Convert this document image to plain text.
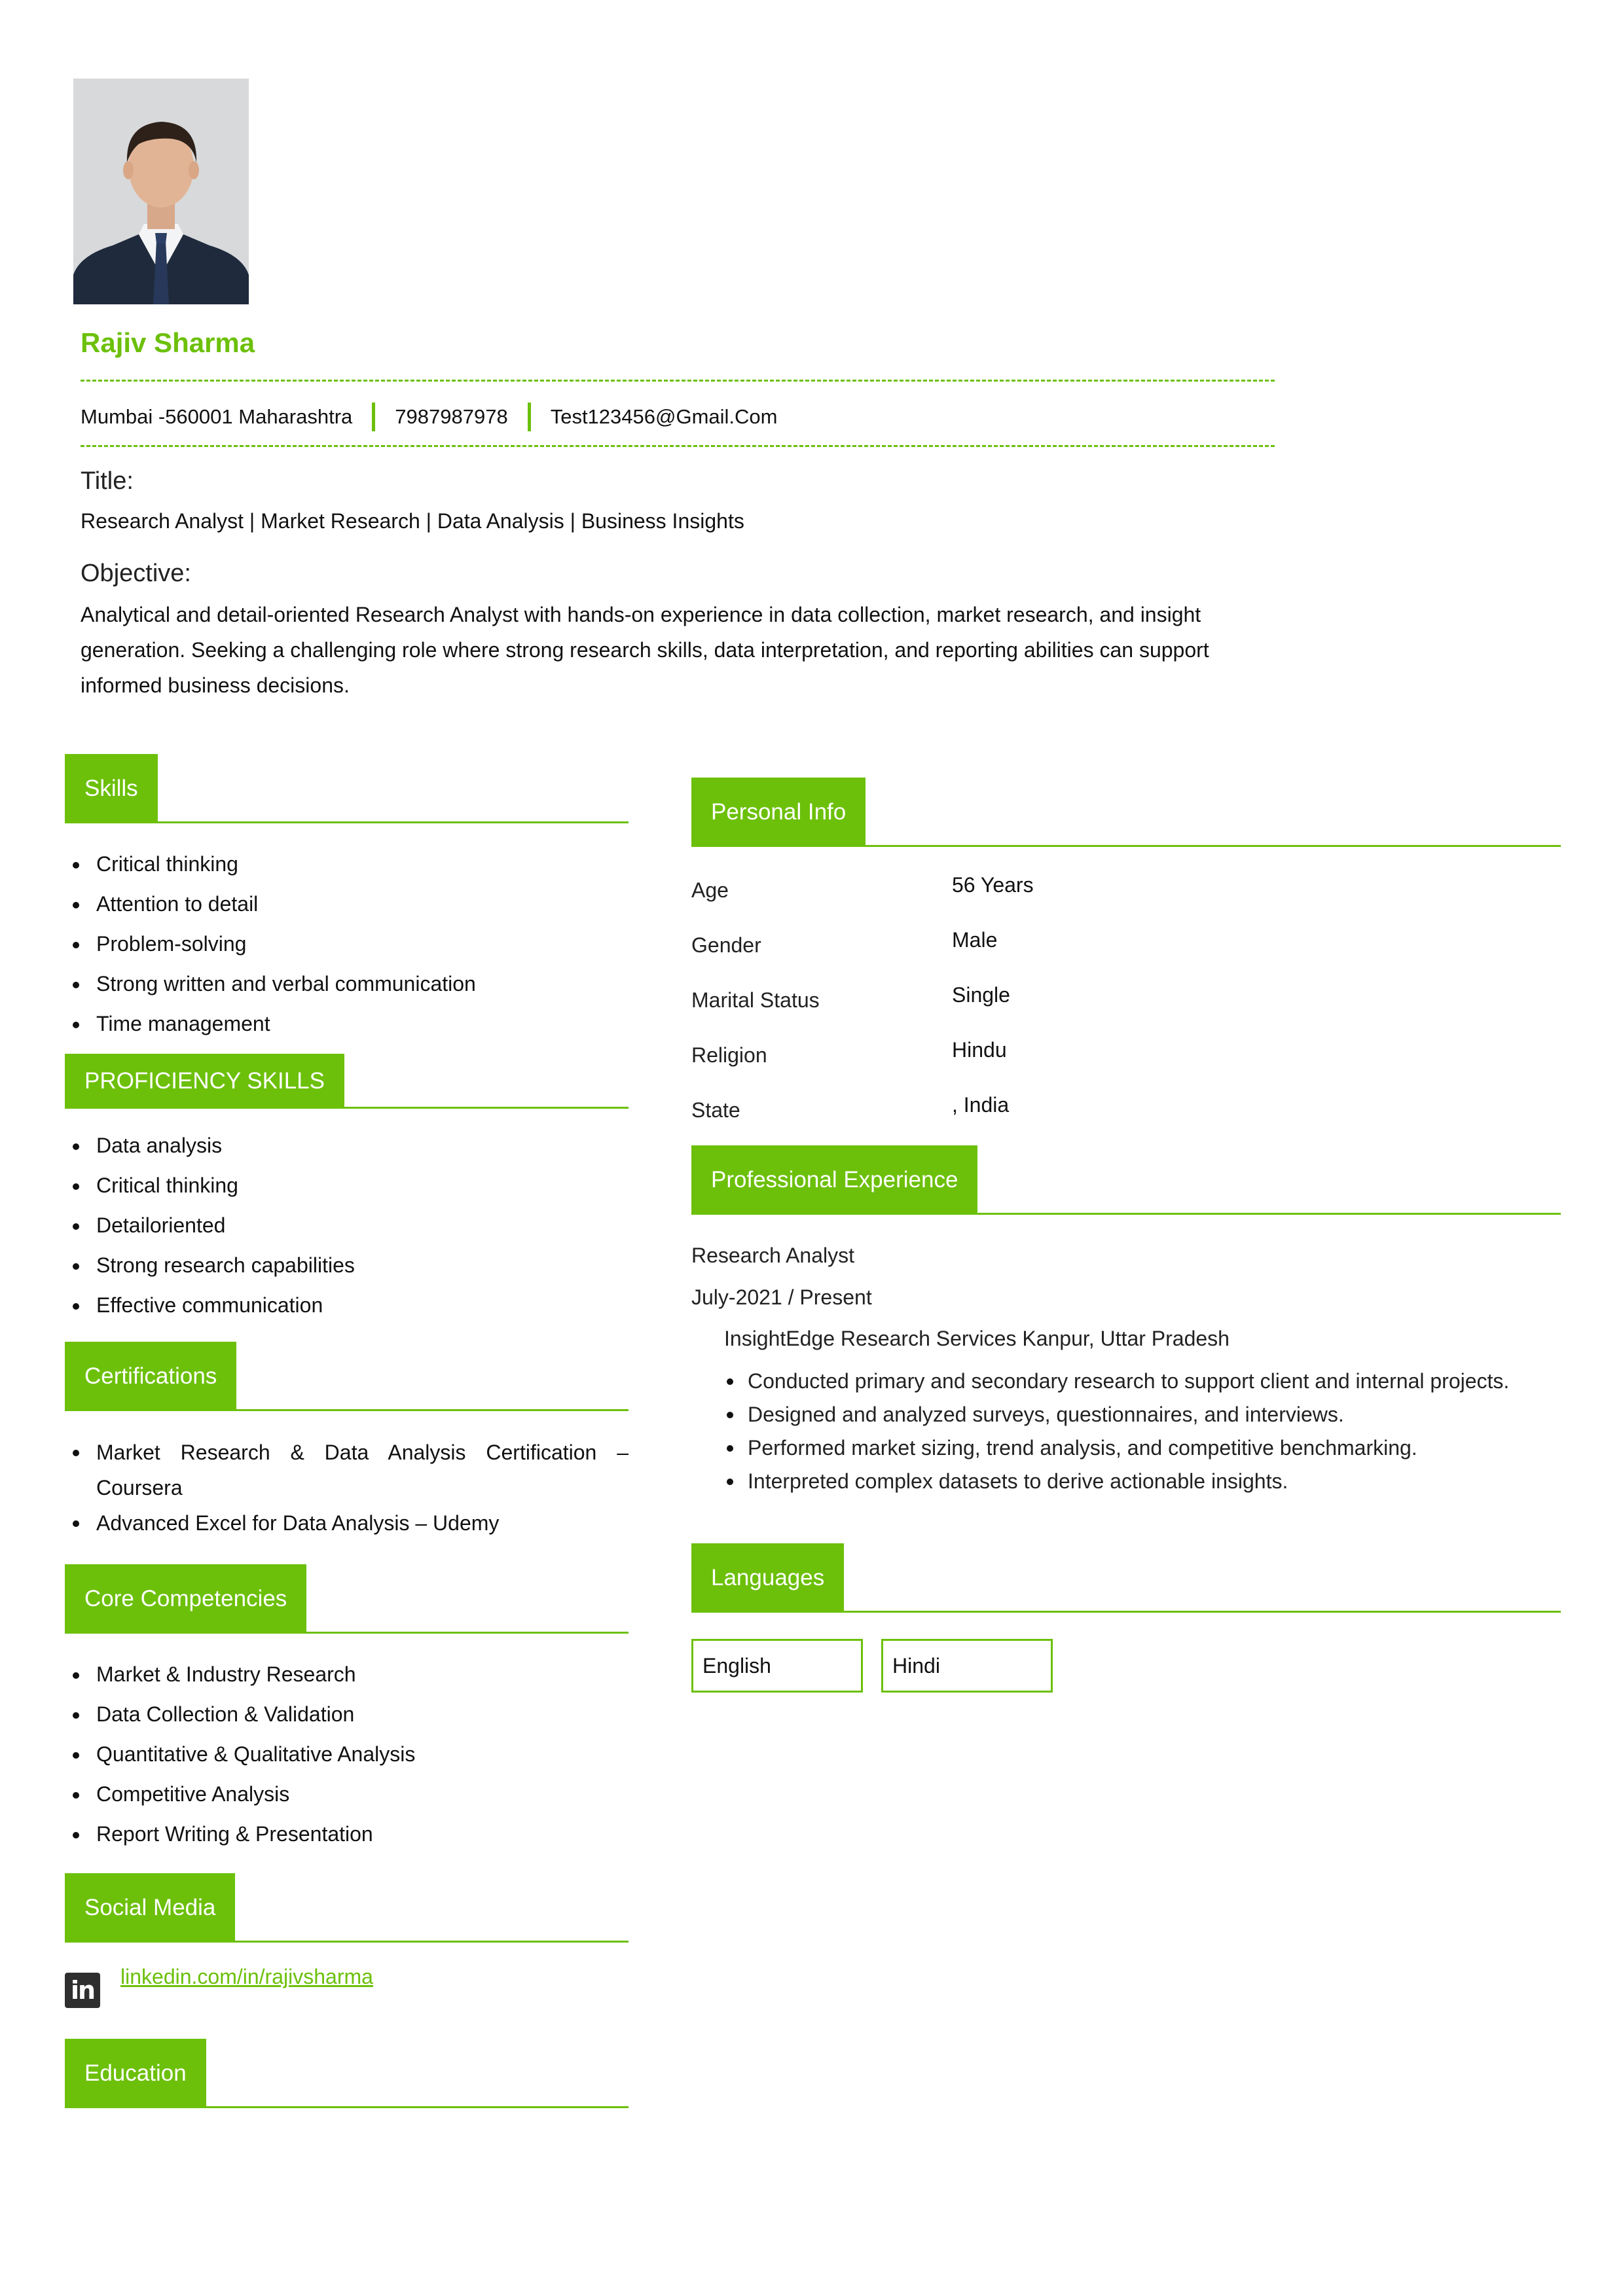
Rajiv Sharma
Mumbai -560001 Maharashtra 7987987978 Test123456@Gmail.Com
Title:
Research Analyst | Market Research | Data Analysis | Business Insights
Objective:
Analytical and detail-oriented Research Analyst with hands-on experience in data collection, market research, and insight generation. Seeking a challenging role where strong research skills, data interpretation, and reporting abilities can support informed business decisions.
Skills
Critical thinking
Attention to detail
Problem-solving
Strong written and verbal communication
Time management
PROFICIENCY SKILLS
Data analysis
Critical thinking
Detailoriented
Strong research capabilities
Effective communication
Certifications
Market Research & Data Analysis Certification – Coursera
Advanced Excel for Data Analysis – Udemy
Core Competencies
Market & Industry Research
Data Collection & Validation
Quantitative & Qualitative Analysis
Competitive Analysis
Report Writing & Presentation
Social Media
in linkedin.com/in/rajivsharma
Education
Personal Info
Age	56 Years
Gender	Male
Marital Status	Single
Religion	Hindu
State	, India
Professional Experience
Research Analyst
July-2021 / Present
InsightEdge Research Services Kanpur, Uttar Pradesh
Conducted primary and secondary research to support client and internal projects.
Designed and analyzed surveys, questionnaires, and interviews.
Performed market sizing, trend analysis, and competitive benchmarking.
Interpreted complex datasets to derive actionable insights.
Languages
English	Hindi
